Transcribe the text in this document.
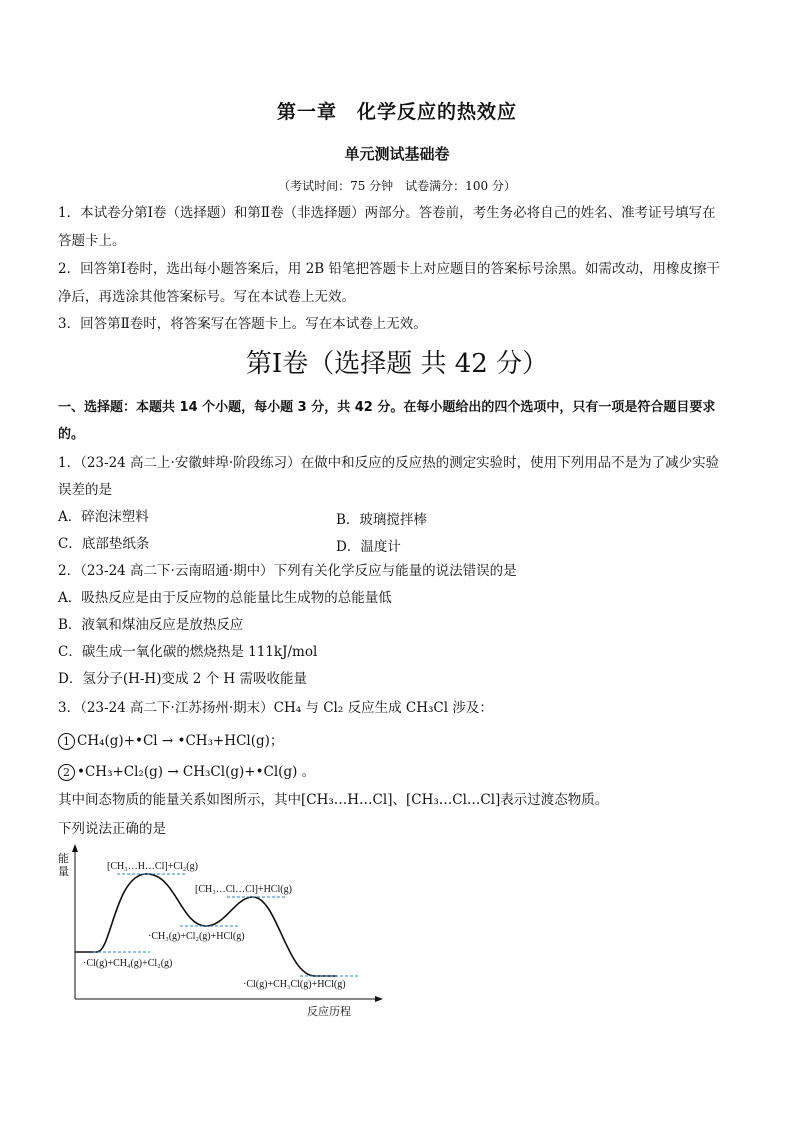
第一章　化学反应的热效应
单元测试基础卷
（考试时间：75 分钟　试卷满分：100 分）
1．本试卷分第Ⅰ卷（选择题）和第Ⅱ卷（非选择题）两部分。答卷前，考生务必将自己的姓名、准考证号填写在
答题卡上。
2．回答第Ⅰ卷时，选出每小题答案后，用 2B 铅笔把答题卡上对应题目的答案标号涂黑。如需改动，用橡皮擦干
净后，再选涂其他答案标号。写在本试卷上无效。
3．回答第Ⅱ卷时，将答案写在答题卡上。写在本试卷上无效。
第Ⅰ卷（选择题 共 42 分）
一、选择题：本题共 14 个小题，每小题 3 分，共 42 分。在每小题给出的四个选项中，只有一项是符合题目要求
的。
1．（23-24 高二上·安徽蚌埠·阶段练习）在做中和反应的反应热的测定实验时，使用下列用品不是为了减少实验
误差的是
A．碎泡沫塑料	B．玻璃搅拌棒
C．底部垫纸条	D．温度计
2．（23-24 高二下·云南昭通·期中）下列有关化学反应与能量的说法错误的是
A．吸热反应是由于反应物的总能量比生成物的总能量低
B．液氧和煤油反应是放热反应
C．碳生成一氧化碳的燃烧热是 111kJ/mol
D．氢分子(H-H)变成 2 个 H 需吸收能量
3．（23-24 高二下·江苏扬州·期末）CH₄ 与 Cl₂ 反应生成 CH₃Cl 涉及：
1 CH₄(g)+•Cl → •CH₃+HCl(g)；
2 •CH₃+Cl₂(g) → CH₃Cl(g)+•Cl(g) 。
其中间态物质的能量关系如图所示，其中[CH₃…H…Cl]、[CH₃…Cl…Cl]表示过渡态物质。
下列说法正确的是
能
量
反应历程
[CH₃…H…Cl]+Cl₂(g)
[CH₃…Cl…Cl]+HCl(g)
·CH₃(g)+Cl₂(g)+HCl(g)
·Cl(g)+CH₄(g)+Cl₂(g)
·Cl(g)+CH₃Cl(g)+HCl(g)
